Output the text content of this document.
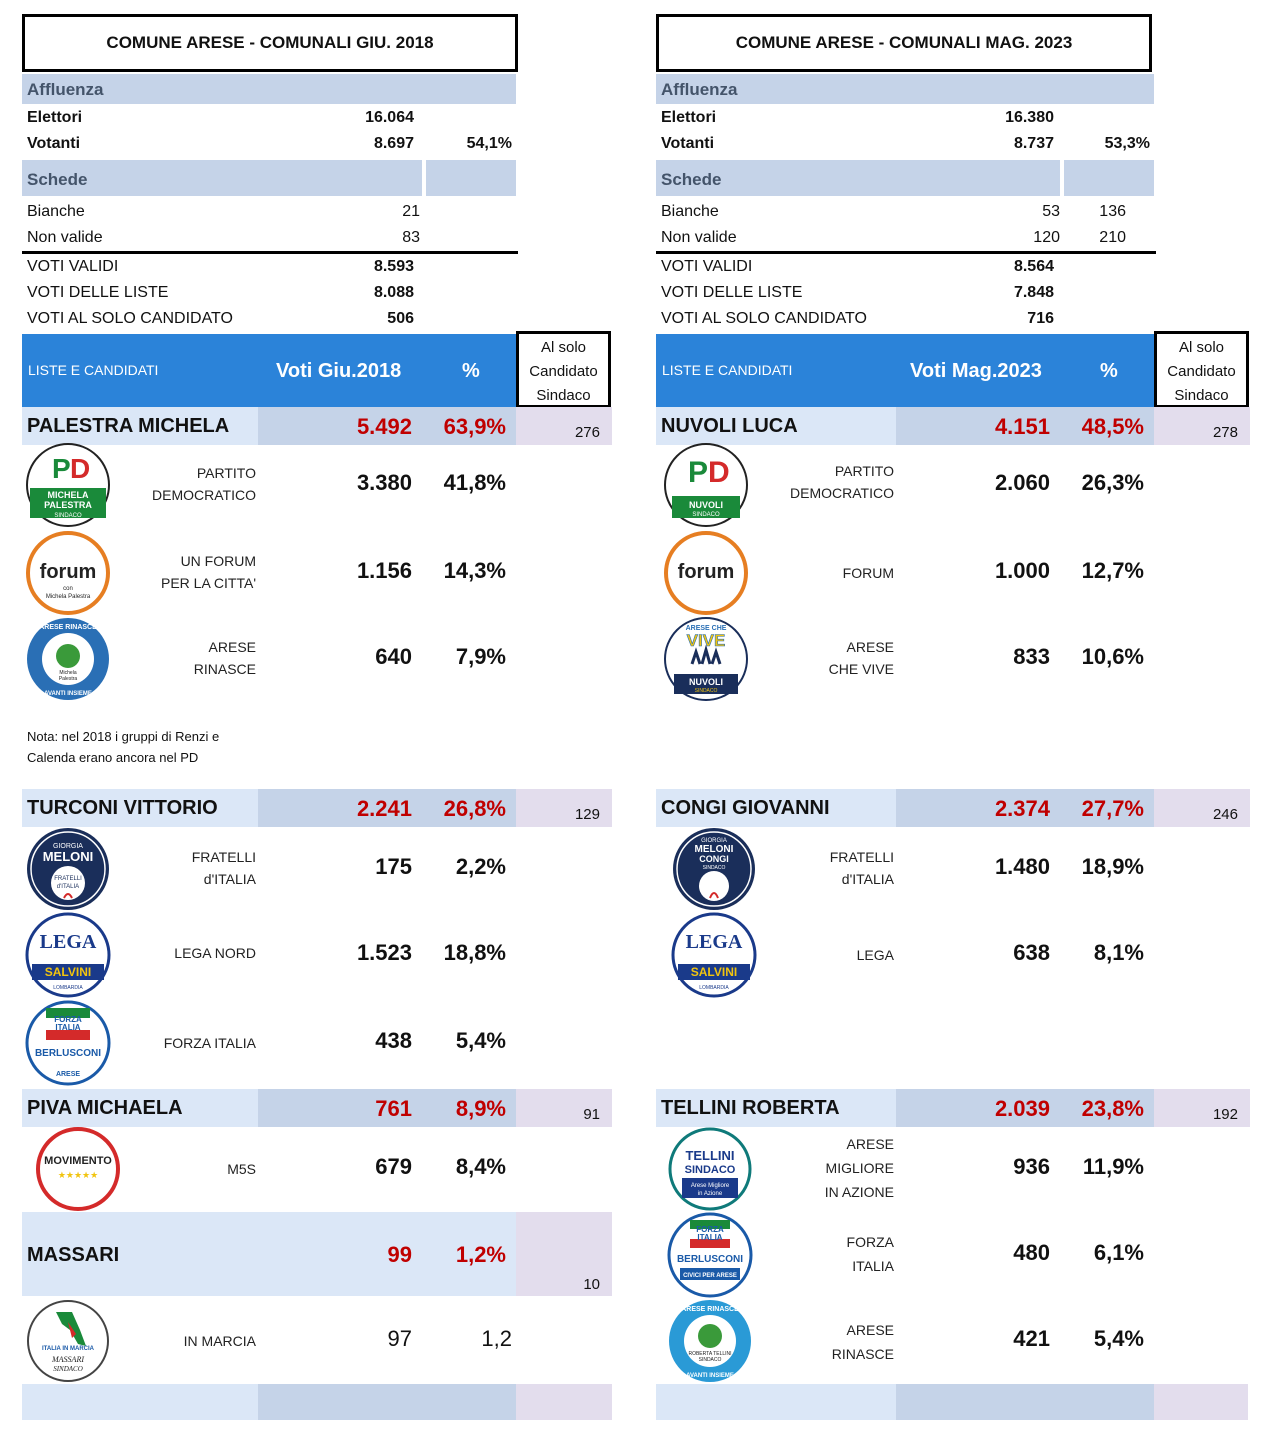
COMUNE ARESE - COMUNALI GIU. 2018
Affluenza
Elettori	16.064
Votanti	8.697	54,1%
Schede
Bianche	21
Non valide	83
VOTI VALIDI	8.593
VOTI DELLE LISTE	8.088
VOTI AL SOLO CANDIDATO	506
LISTE E CANDIDATI	Voti Giu.2018	%
Al solo
Candidato
Sindaco
PALESTRA MICHELA	5.492	63,9%	276
P D
MICHELA
PALESTRA
SINDACO
PARTITO
DEMOCRATICO	3.380	41,8%
forum
con
Michela Palestra
UN FORUM
PER LA CITTA'	1.156	14,3%
ARESE RINASCE
Michela
Palestra
AVANTI INSIEME
ARESE
RINASCE	640	7,9%
Nota: nel 2018 i gruppi di Renzi e
Calenda erano ancora nel PD
TURCONI VITTORIO	2.241	26,8%	129
GIORGIA
MELONI
FRATELLI
d'ITALIA
FRATELLI
d'ITALIA	175	2,2%
LEGA
SALVINI
LOMBARDIA
LEGA NORD	1.523	18,8%
FORZA
ITALIA
BERLUSCONI
ARESE
FORZA ITALIA	438	5,4%
PIVA MICHAELA	761	8,9%	91
MOVIMENTO
★★★★★	M5S	679	8,4%
MASSARI	99	1,2%
10
ITALIA IN MARCIA
MASSARI
SINDACO
IN MARCIA	97	1,2
COMUNE ARESE - COMUNALI MAG. 2023
Affluenza
Elettori	16.380
Votanti	8.737	53,3%
Schede
Bianche	53	136
Non valide	120	210
VOTI VALIDI	8.564
VOTI DELLE LISTE	7.848
VOTI AL SOLO CANDIDATO	716
LISTE E CANDIDATI	Voti Mag.2023	%
Al solo
Candidato
Sindaco
NUVOLI LUCA	4.151	48,5%	278
P D
NUVOLI
SINDACO
PARTITO
DEMOCRATICO	2.060	26,3%
forum	FORUM	1.000	12,7%
ARESE CHE
VIVE
NUVOLI
SINDACO
ARESE
CHE VIVE	833	10,6%
CONGI GIOVANNI	2.374	27,7%	246
GIORGIA
MELONI
CONGI
SINDACO
FRATELLI
d'ITALIA	1.480	18,9%
LEGA
SALVINI
LOMBARDIA
LEGA	638	8,1%
TELLINI ROBERTA	2.039	23,8%	192
TELLINI
SINDACO
Arese Migliore
in Azione
ARESE
MIGLIORE
IN AZIONE
936	11,9%
FORZA
ITALIA
BERLUSCONI
CIVICI PER ARESE
FORZA
ITALIA
480	6,1%
ARESE RINASCE
ROBERTA TELLINI
SINDACO
AVANTI INSIEME
ARESE
RINASCE
421	5,4%
